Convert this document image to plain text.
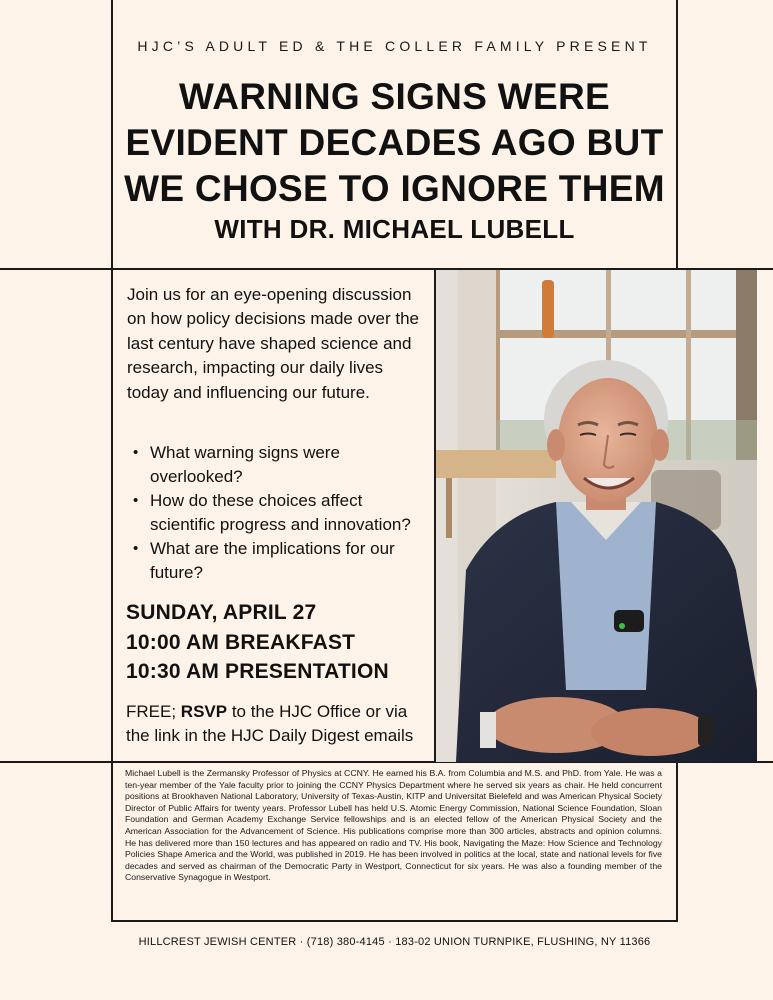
HJC’S ADULT ED & THE COLLER FAMILY PRESENT
WARNING SIGNS WERE
EVIDENT DECADES AGO BUT
WE CHOSE TO IGNORE THEM
WITH DR. MICHAEL LUBELL
Join us for an eye-opening discussion on how policy decisions made over the last century have shaped science and research, impacting our daily lives today and influencing our future.
• What warning signs were overlooked?
• How do these choices affect scientific progress and innovation?
• What are the implications for our future?
SUNDAY, APRIL 27
10:00 AM BREAKFAST
10:30 AM PRESENTATION
FREE; RSVP to the HJC Office or via the link in the HJC Daily Digest emails
Michael Lubell is the Zermansky Professor of Physics at CCNY. He earned his B.A. from Columbia and M.S. and PhD. from Yale. He was a ten-year member of the Yale faculty prior to joining the CCNY Physics Department where he served six years as chair. He held concurrent positions at Brookhaven National Laboratory, University of Texas-Austin, KITP and Universitat Bielefeld and was American Physical Society Director of Public Affairs for twenty years. Professor Lubell has held U.S. Atomic Energy Commission, National Science Foundation, Sloan Foundation and German Academy Exchange Service fellowships and is an elected fellow of the American Physical Society and the American Association for the Advancement of Science. His publications comprise more than 300 articles, abstracts and opinion columns. He has delivered more than 150 lectures and has appeared on radio and TV. His book, Navigating the Maze: How Science and Technology Policies Shape America and the World, was published in 2019. He has been involved in politics at the local, state and national levels for five decades and served as chairman of the Democratic Party in Westport, Connecticut for six years. He was also a founding member of the Conservative Synagogue in Westport.
HILLCREST JEWISH CENTER · (718) 380-4145 · 183-02 UNION TURNPIKE, FLUSHING, NY 11366
